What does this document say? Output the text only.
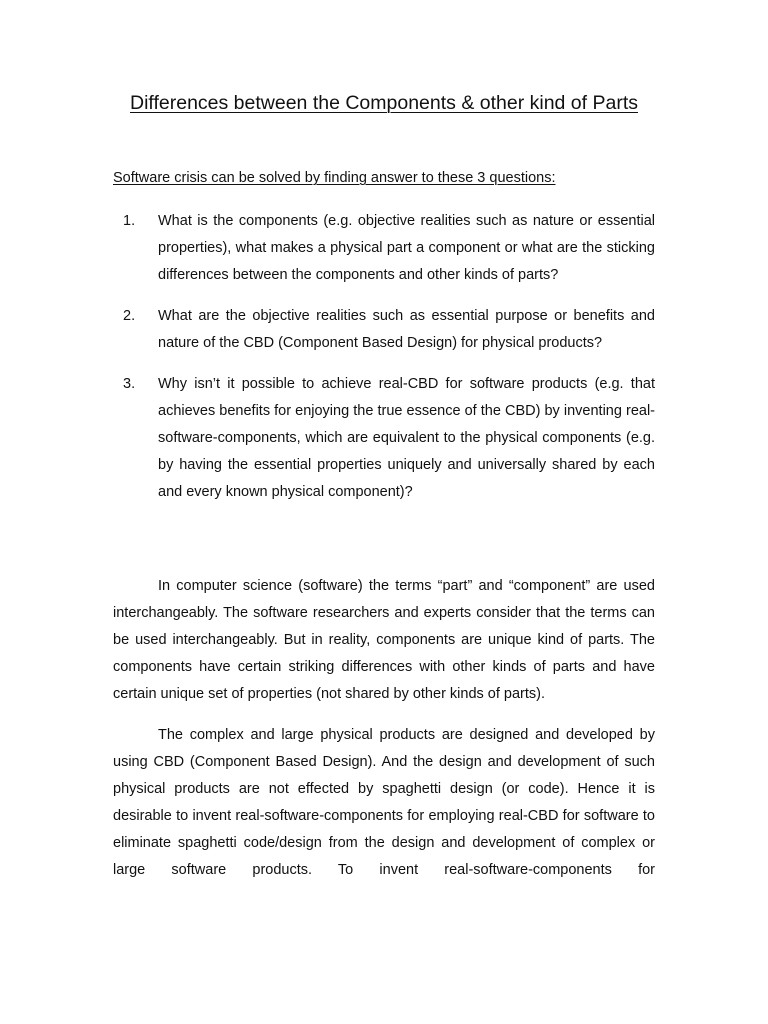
Differences between the Components & other kind of Parts
Software crisis can be solved by finding answer to these 3 questions:
1. What is the components (e.g. objective realities such as nature or essential properties), what makes a physical part a component or what are the sticking differences between the components and other kinds of parts?
2. What are the objective realities such as essential purpose or benefits and nature of the CBD (Component Based Design) for physical products?
3. Why isn’t it possible to achieve real-CBD for software products (e.g. that achieves benefits for enjoying the true essence of the CBD) by inventing real-software-components, which are equivalent to the physical components (e.g. by having the essential properties uniquely and universally shared by each and every known physical component)?

In computer science (software) the terms “part” and “component” are used interchangeably. The software researchers and experts consider that the terms can be used interchangeably. But in reality, components are unique kind of parts. The components have certain striking differences with other kinds of parts and have certain unique set of properties (not shared by other kinds of parts).

The complex and large physical products are designed and developed by using CBD (Component Based Design). And the design and development of such physical products are not effected by spaghetti design (or code). Hence it is desirable to invent real-software-components for employing real-CBD for software to eliminate spaghetti code/design from the design and development of complex or large software products. To invent real-software-components for
